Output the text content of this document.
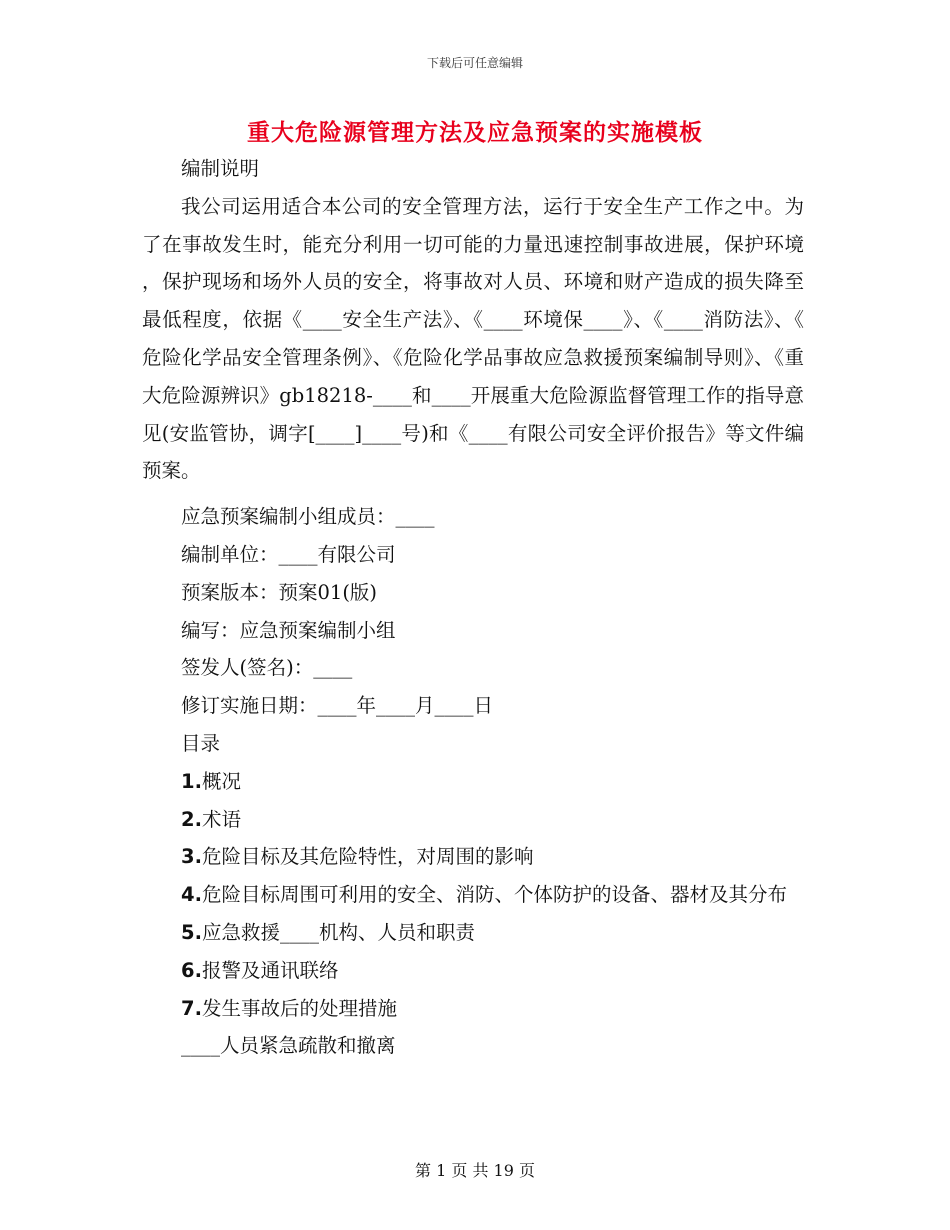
下载后可任意编辑
重大危险源管理方法及应急预案的实施模板

编制说明

我公司运用适合本公司的安全管理方法，运行于安全生产工作之中。为了在事故发生时，能充分利用一切可能的力量迅速控制事故进展，保护环境，保护现场和场外人员的安全，将事故对人员、环境和财产造成的损失降至最低程度，依据《____安全生产法》、《____环境保____》、《____消防法》、《危险化学品安全管理条例》、《危险化学品事故应急救援预案编制导则》、《重大危险源辨识》gb18218-____和____开展重大危险源监督管理工作的指导意见(安监管协，调字[____]____号)和《____有限公司安全评价报告》等文件编预案。

应急预案编制小组成员：____

编制单位：____有限公司

预案版本：预案01(版)

编写：应急预案编制小组

签发人(签名)：____

修订实施日期：____年____月____日

目录

1.概况

2.术语

3.危险目标及其危险特性，对周围的影响

4.危险目标周围可利用的安全、消防、个体防护的设备、器材及其分布

5.应急救援____机构、人员和职责

6.报警及通讯联络

7.发生事故后的处理措施

____人员紧急疏散和撤离

第 1 页 共 19 页
